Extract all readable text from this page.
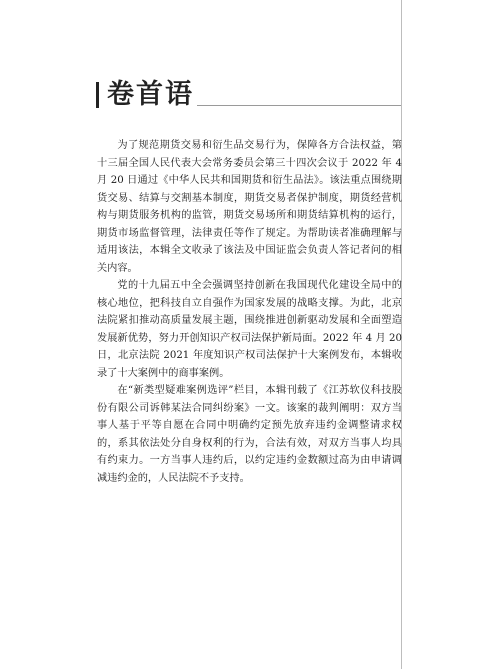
卷首语

为了规范期货交易和衍生品交易行为，保障各方合法权益，第十三届全国人民代表大会常务委员会第三十四次会议于 2022 年 4 月 20 日通过《中华人民共和国期货和衍生品法》。该法重点围绕期货交易、结算与交割基本制度，期货交易者保护制度，期货经营机构与期货服务机构的监管，期货交易场所和期货结算机构的运行，期货市场监督管理，法律责任等作了规定。为帮助读者准确理解与适用该法，本辑全文收录了该法及中国证监会负责人答记者问的相关内容。

党的十九届五中全会强调坚持创新在我国现代化建设全局中的核心地位，把科技自立自强作为国家发展的战略支撑。为此，北京法院紧扣推动高质量发展主题，围绕推进创新驱动发展和全面塑造发展新优势，努力开创知识产权司法保护新局面。2022 年 4 月 20 日，北京法院 2021 年度知识产权司法保护十大案例发布，本辑收录了十大案例中的商事案例。

在“新类型疑难案例选评”栏目，本辑刊载了《江苏软仪科技股份有限公司诉韩某法合同纠纷案》一文。该案的裁判阐明：双方当事人基于平等自愿在合同中明确约定预先放弃违约金调整请求权的，系其依法处分自身权利的行为，合法有效，对双方当事人均具有约束力。一方当事人违约后，以约定违约金数额过高为由申请调减违约金的，人民法院不予支持。
